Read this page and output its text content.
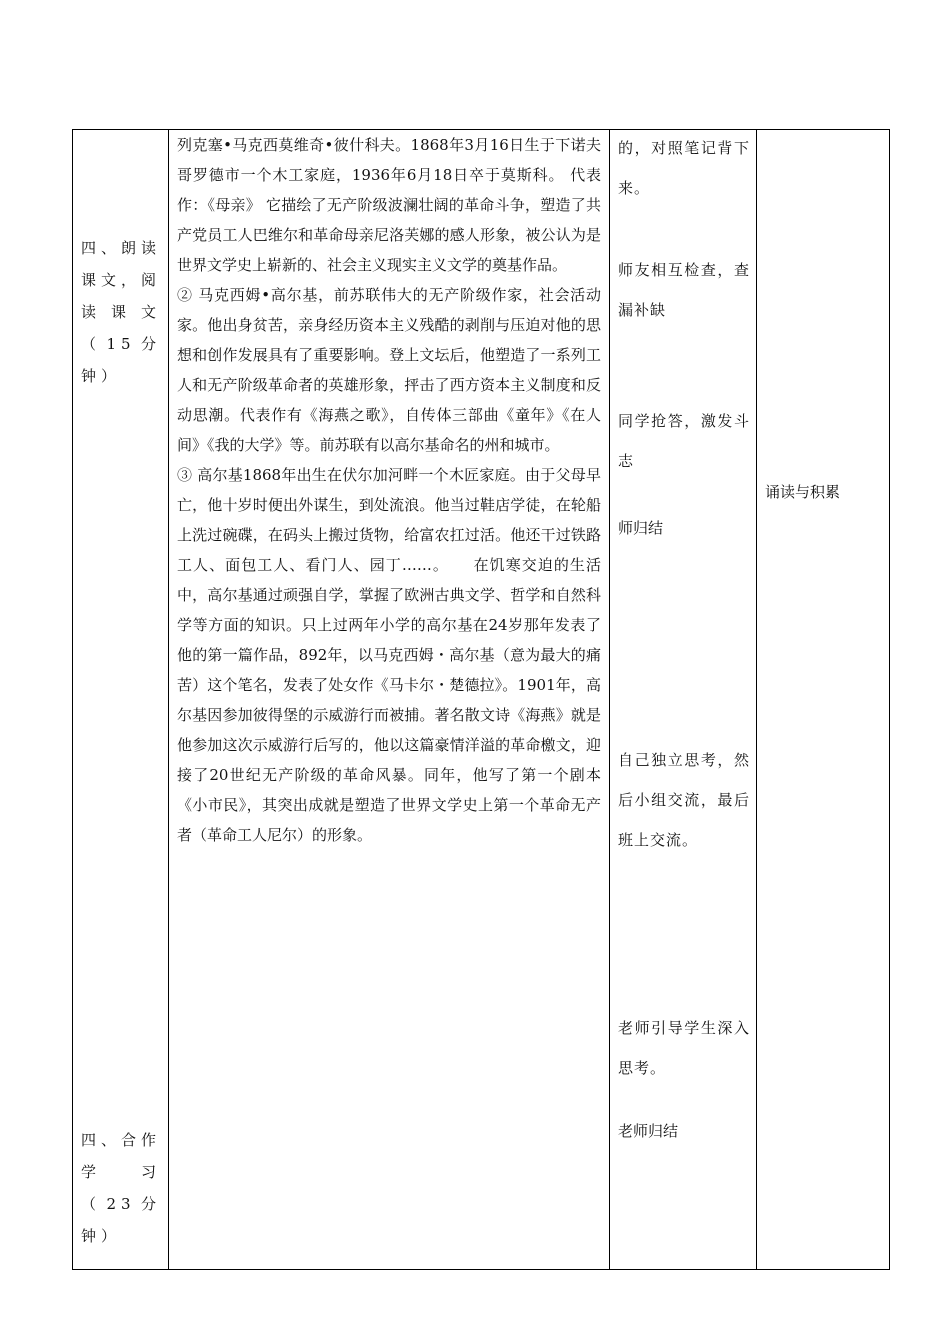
四、朗读课文，阅读课文（15分钟）
四、合作学习（23分钟）
列克塞•马克西莫维奇•彼什科夫。1868年3月16日生于下诺夫哥罗德市一个木工家庭，1936年6月18日卒于莫斯科。 代表作：《母亲》 它描绘了无产阶级波澜壮阔的革命斗争，塑造了共产党员工人巴维尔和革命母亲尼洛芙娜的感人形象，被公认为是世界文学史上崭新的、社会主义现实主义文学的奠基作品。
② 马克西姆•高尔基，前苏联伟大的无产阶级作家，社会活动家。他出身贫苦，亲身经历资本主义残酷的剥削与压迫对他的思想和创作发展具有了重要影响。登上文坛后，他塑造了一系列工人和无产阶级革命者的英雄形象，抨击了西方资本主义制度和反动思潮。代表作有《海燕之歌》，自传体三部曲《童年》《在人间》《我的大学》等。前苏联有以高尔基命名的州和城市。
③ 高尔基1868年出生在伏尔加河畔一个木匠家庭。由于父母早亡，他十岁时便出外谋生，到处流浪。他当过鞋店学徒，在轮船上洗过碗碟，在码头上搬过货物，给富农扛过活。他还干过铁路工人、面包工人、看门人、园丁……。　　在饥寒交迫的生活中，高尔基通过顽强自学，掌握了欧洲古典文学、哲学和自然科学等方面的知识。只上过两年小学的高尔基在24岁那年发表了他的第一篇作品，892年，以马克西姆・高尔基（意为最大的痛苦）这个笔名，发表了处女作《马卡尔・楚德拉》。1901年，高尔基因参加彼得堡的示威游行而被捕。著名散文诗《海燕》就是他参加这次示威游行后写的，他以这篇豪情洋溢的革命檄文，迎接了20世纪无产阶级的革命风暴。同年，他写了第一个剧本《小市民》，其突出成就是塑造了世界文学史上第一个革命无产者（革命工人尼尔）的形象。
的，对照笔记背下来。
师友相互检查，查漏补缺
同学抢答，激发斗志
师归结
自己独立思考，然后小组交流，最后班上交流。
老师引导学生深入思考。
老师归结
诵读与积累
